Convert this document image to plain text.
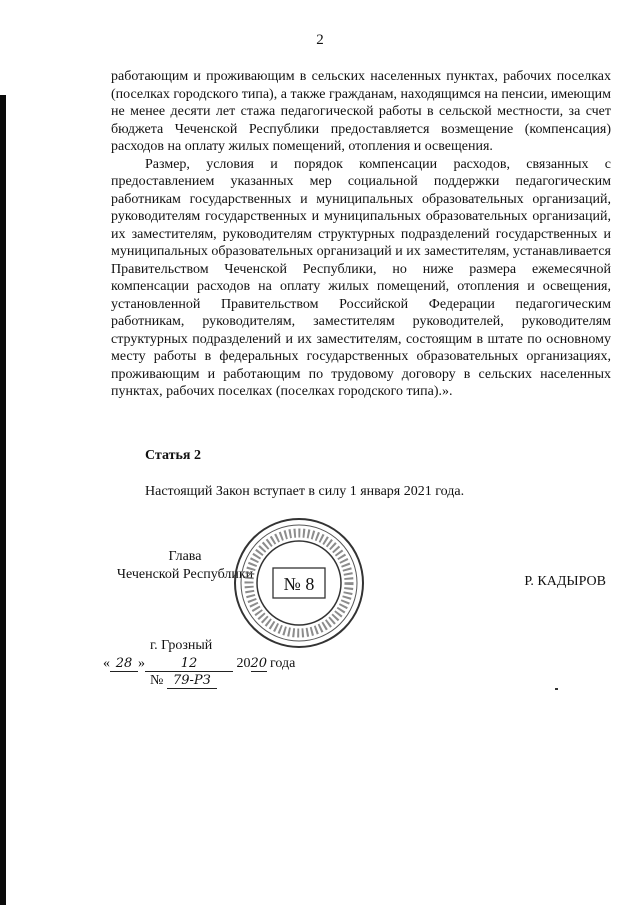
2

работающим и проживающим в сельских населенных пунктах, рабочих поселках (поселках городского типа), а также гражданам, находящимся на пенсии, имеющим не менее десяти лет стажа педагогической работы в сельской местности, за счет бюджета Чеченской Республики предоставляется возмещение (компенсация) расходов на оплату жилых помещений, отопления и освещения.

Размер, условия и порядок компенсации расходов, связанных с предоставлением указанных мер социальной поддержки педагогическим работникам государственных и муниципальных образовательных организаций, руководителям государственных и муниципальных образовательных организаций, их заместителям, руководителям структурных подразделений государственных и муниципальных образовательных организаций и их заместителям, устанавливается Правительством Чеченской Республики, но ниже размера ежемесячной компенсации расходов на оплату жилых помещений, отопления и освещения, установленной Правительством Российской Федерации педагогическим работникам, руководителям, заместителям руководителей, руководителям структурных подразделений и их заместителям, состоящим в штате по основному месту работы в федеральных государственных образовательных организациях, проживающим и работающим по трудовому договору в сельских населенных пунктах, рабочих поселках (поселках городского типа).».

Статья 2
Настоящий Закон вступает в силу 1 января 2021 года.
Глава
Чеченской Республики	№ 8	Р. КАДЫРОВ
г. Грозный
« 28 »	12	2020 года
№ 79-РЗ
